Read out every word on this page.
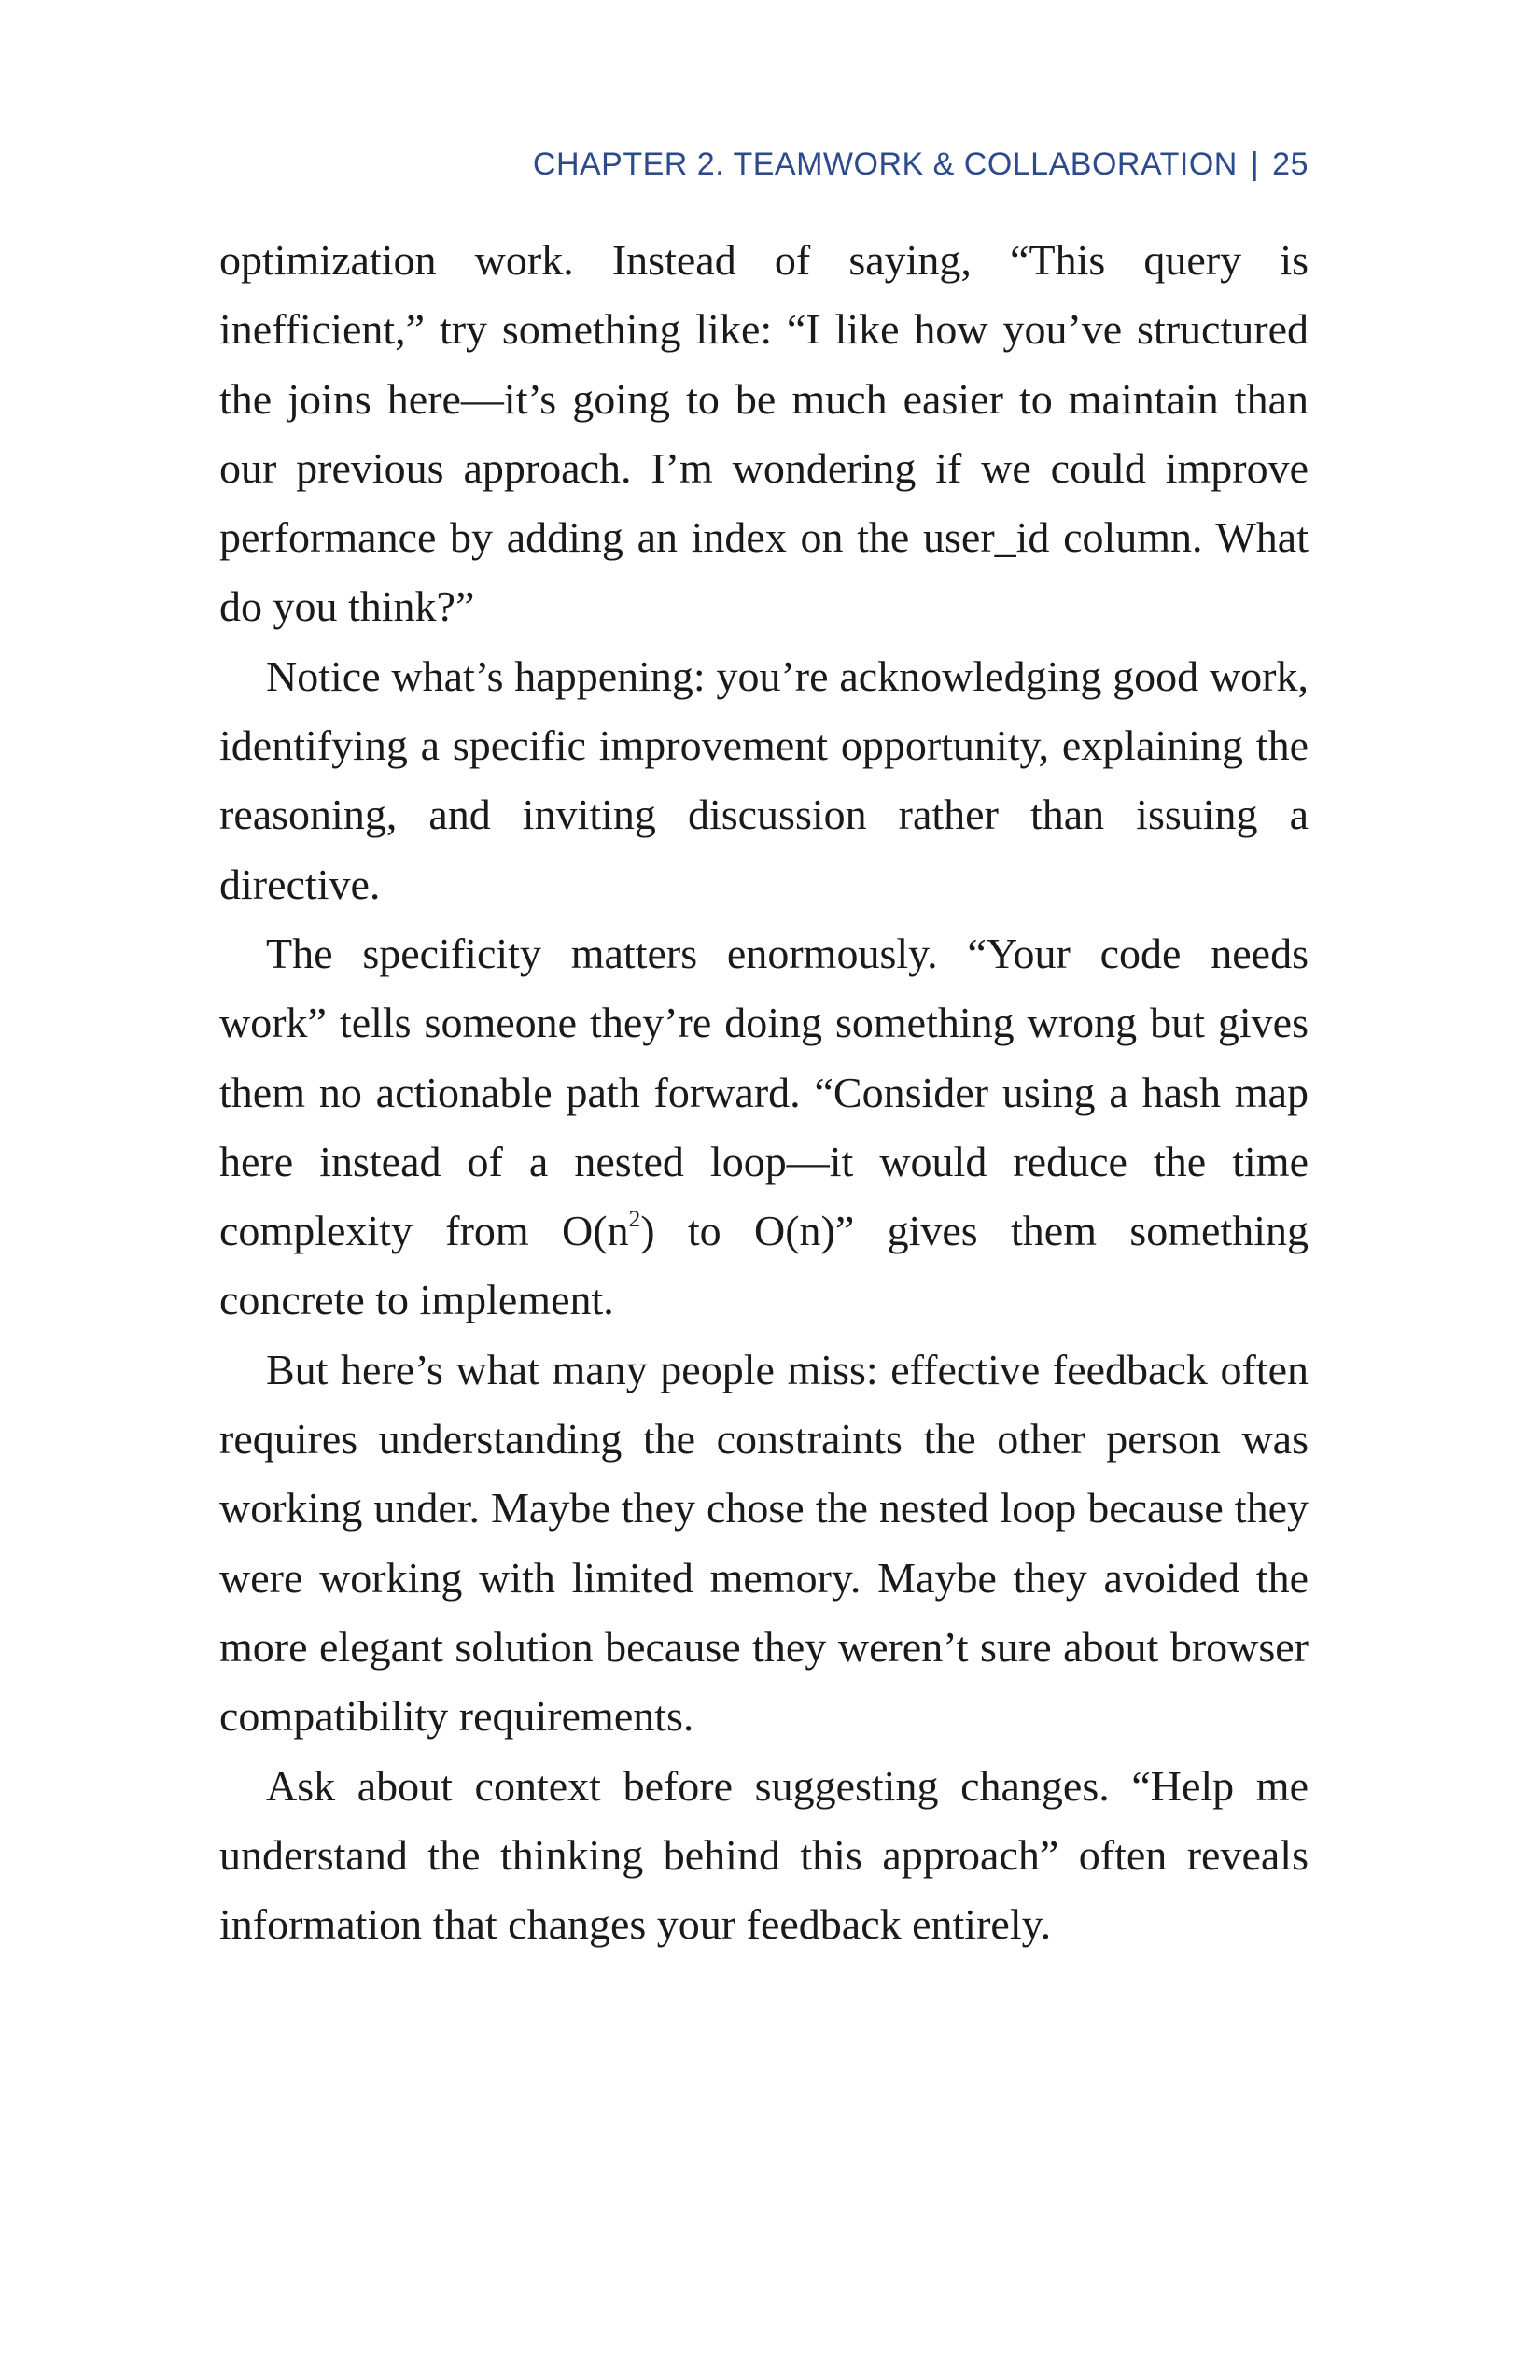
CHAPTER 2. TEAMWORK & COLLABORATION | 25

optimization work. Instead of saying, “This query is inefficient,” try something like: “I like how you’ve structured the joins here—it’s going to be much easier to maintain than our previous approach. I’m wondering if we could improve performance by adding an index on the user_id column. What do you think?”

Notice what’s happening: you’re acknowledging good work, identifying a specific improvement opportunity, explaining the reasoning, and inviting discussion rather than issuing a directive.

The specificity matters enormously. “Your code needs work” tells someone they’re doing something wrong but gives them no actionable path forward. “Consider using a hash map here instead of a nested loop—it would reduce the time complexity from $O(n^2)$ to O(n)” gives them something concrete to implement.

But here’s what many people miss: effective feedback often requires understanding the constraints the other person was working under. Maybe they chose the nested loop because they were working with limited memory. Maybe they avoided the more elegant solution because they weren’t sure about browser compatibility requirements.

Ask about context before suggesting changes. “Help me understand the thinking behind this approach” often reveals information that changes your feedback entirely.
